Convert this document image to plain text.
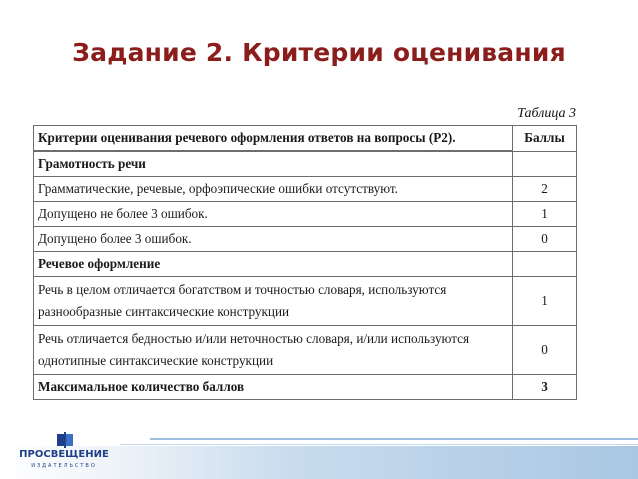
Задание 2. Критерии оценивания
Таблица 3
Критерии оценивания речевого оформления ответов на вопросы (Р2).	Баллы
Грамотность речи	
Грамматические, речевые, орфоэпические ошибки отсутствуют.	2
Допущено не более 3 ошибок.	1
Допущено более 3 ошибок.	0
Речевое оформление	
Речь в целом отличается богатством и точностью словаря, используются разнообразные синтаксические конструкции	1
Речь отличается бедностью и/или неточностью словаря, и/или используются однотипные синтаксические конструкции	0
Максимальное количество баллов	3
ПРОСВЕЩЕНИЕ
ИЗДАТЕЛЬСТВО
